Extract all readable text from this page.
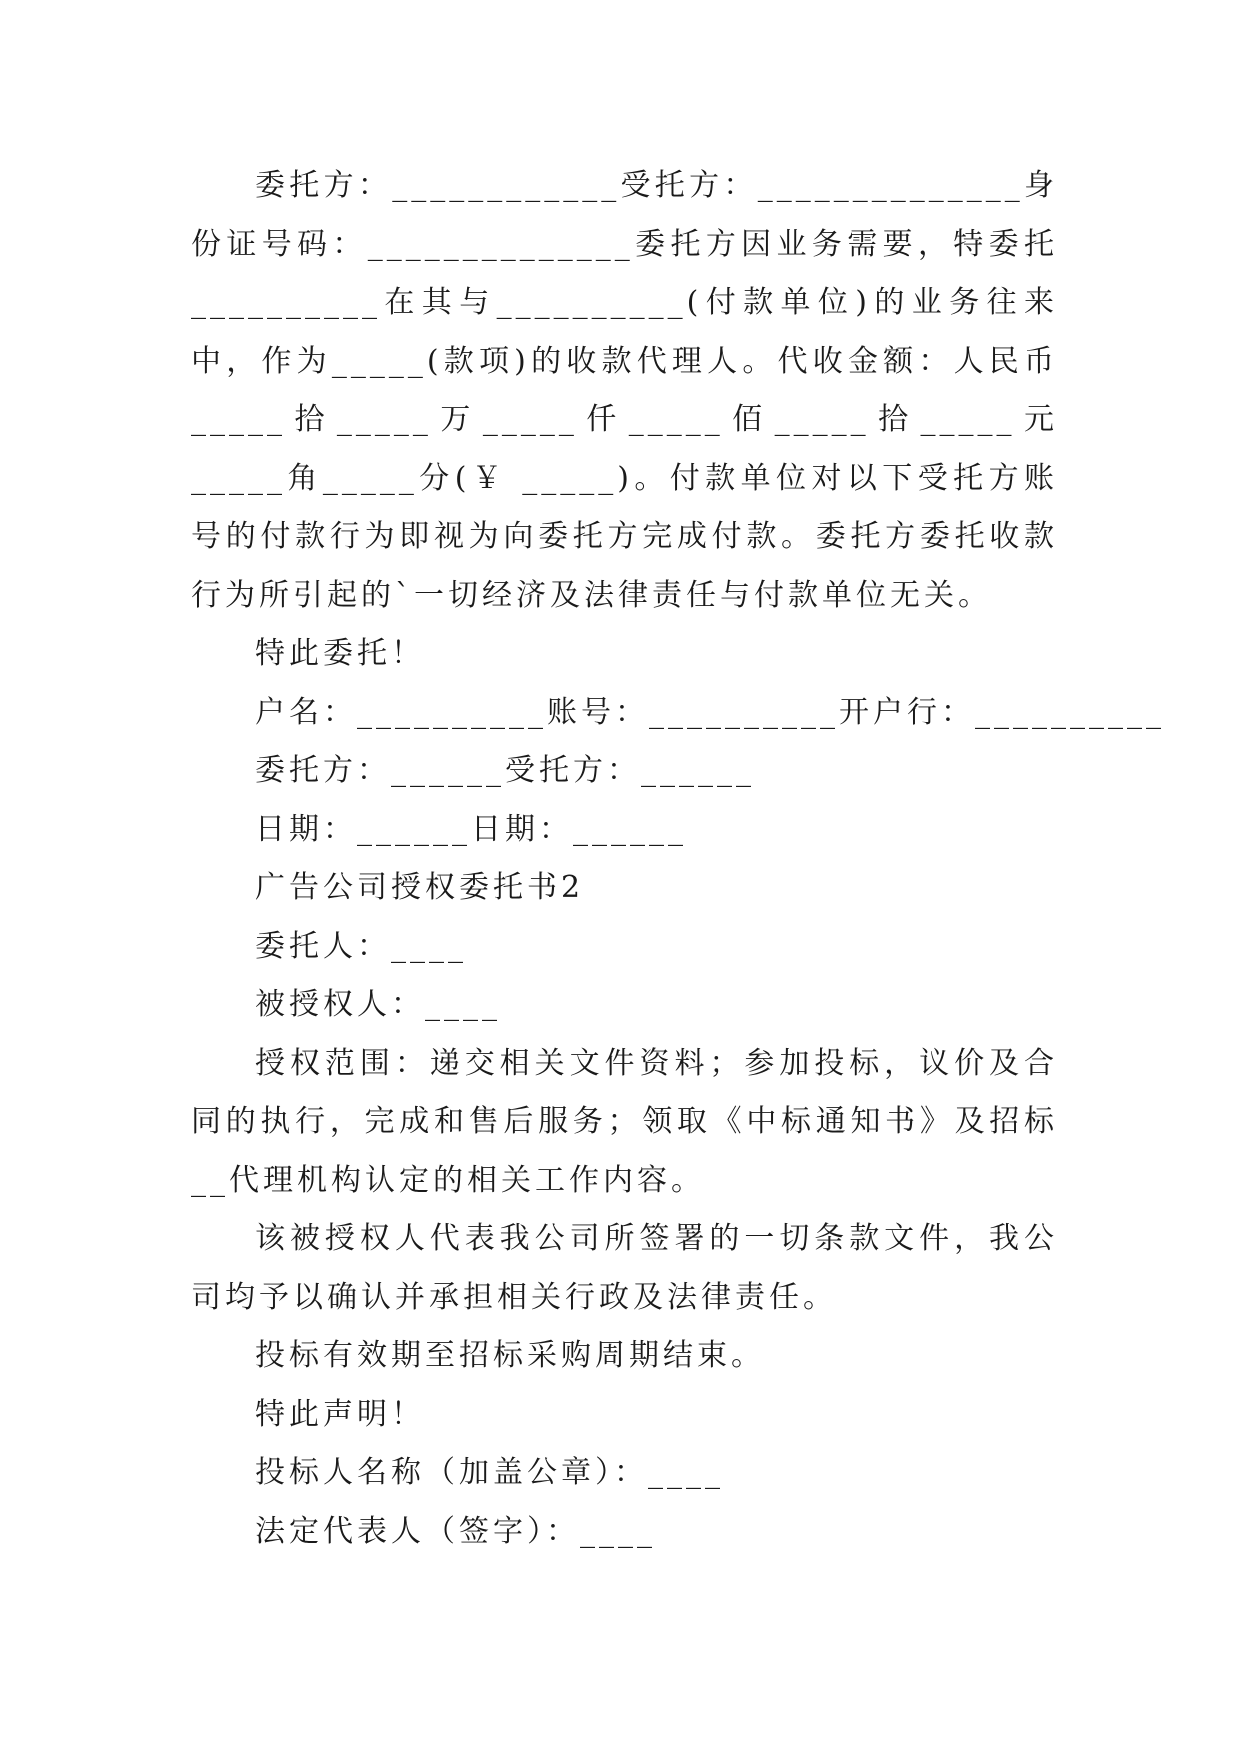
委托方：____________受托方：______________身份证号码：______________委托方因业务需要，特委托__________在其与__________(付款单位)的业务往来中，作为_____(款项)的收款代理人。代收金额：人民币_____拾_____万_____仟_____佰_____拾_____元_____角_____分(￥ _____)。付款单位对以下受托方账号的付款行为即视为向委托方完成付款。委托方委托收款行为所引起的`一切经济及法律责任与付款单位无关。

特此委托！

户名：__________账号：__________开户行：__________

委托方：______受托方：______

日期：______日期：______

广告公司授权委托书2

委托人：____

被授权人：____

授权范围：递交相关文件资料；参加投标，议价及合同的执行，完成和售后服务；领取《中标通知书》及招标__代理机构认定的相关工作内容。

该被授权人代表我公司所签署的一切条款文件，我公司均予以确认并承担相关行政及法律责任。

投标有效期至招标采购周期结束。

特此声明！

投标人名称（加盖公章）：____

法定代表人（签字）：____
